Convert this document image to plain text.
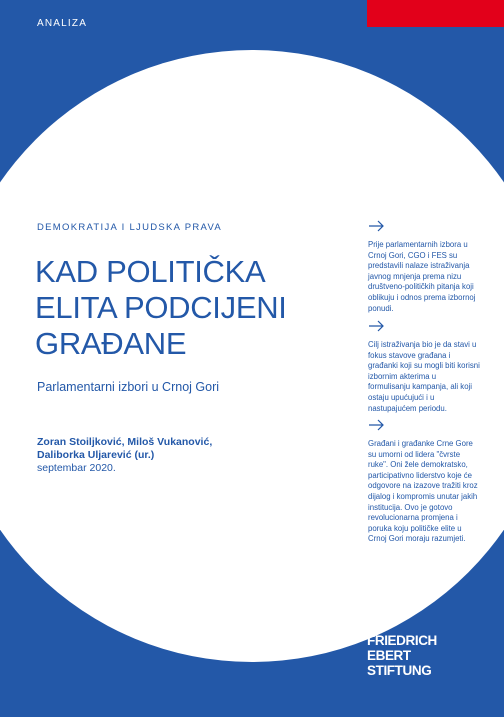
ANALIZA
DEMOKRATIJA I LJUDSKA PRAVA
KAD POLITIČKA
ELITA PODCIJENI
GRAĐANE
Parlamentarni izbori u Crnoj Gori
Zoran Stoiljković, Miloš Vukanović, Daliborka Uljarević (ur.)
septembar 2020.

Prije parlamentarnih izbora u Crnoj Gori, CGO i FES su predstavili nalaze istraživanja javnog mnjenja prema nizu društveno-političkih pitanja koji oblikuju i odnos prema izbornoj ponudi.

Cilj istraživanja bio je da stavi u fokus stavove građana i građanki koji su mogli biti korisni izbornim akterima u formulisanju kampanja, ali koji ostaju upućujući i u nastupajućem periodu.

Građani i građanke Crne Gore su umorni od lidera "čvrste ruke". Oni žele demokratsko, participativno liderstvo koje će odgovore na izazove tražiti kroz dijalog i kompromis unutar jakih institucija. Ovo je gotovo revolucionarna promjena i poruka koju političke elite u Crnoj Gori moraju razumjeti.

FRIEDRICH
EBERT
STIFTUNG
